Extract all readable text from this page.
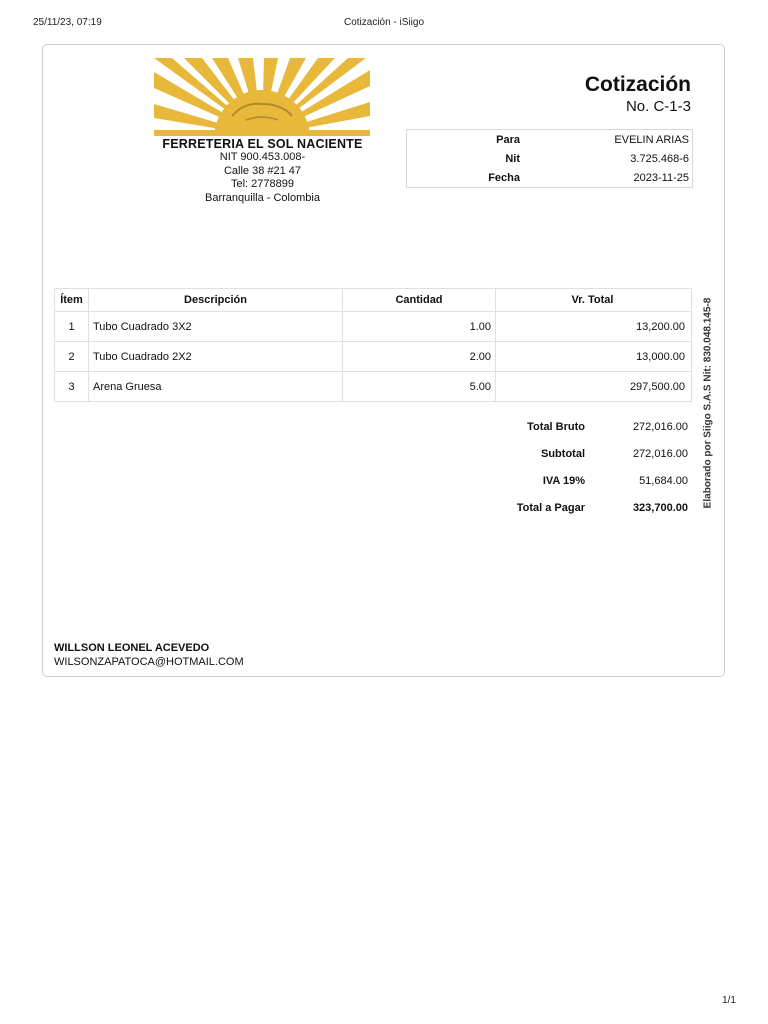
25/11/23, 07:19	Cotización - iSiigo
FERRETERIA EL SOL NACIENTE
NIT 900.453.008-
Calle 38 #21 47
Tel: 2778899
Barranquilla - Colombia
Cotización
No. C-1-3
Para	EVELIN ARIAS
Nit	3.725.468-6
Fecha	2023-11-25
Elaborado por Siigo S.A.S Nit: 830.048.145-8
Ítem	Descripción	Cantidad	Vr. Total
1	Tubo Cuadrado 3X2	1.00	13,200.00
2	Tubo Cuadrado 2X2	2.00	13,000.00
3	Arena Gruesa	5.00	297,500.00
Total Bruto	272,016.00
Subtotal	272,016.00
IVA 19%	51,684.00
Total a Pagar	323,700.00
WILLSON LEONEL ACEVEDO
WILSONZAPATOCA@HOTMAIL.COM
1/1
